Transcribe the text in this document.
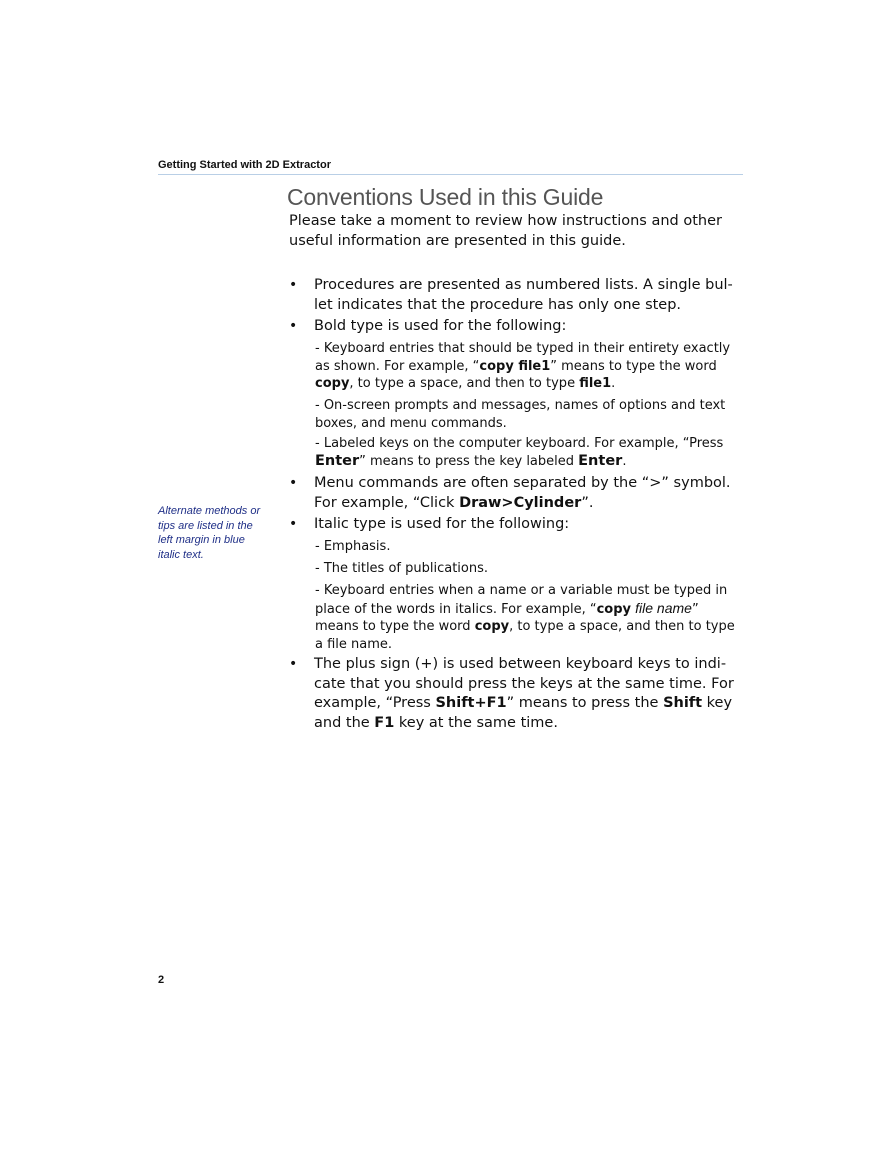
Getting Started with 2D Extractor
Conventions Used in this Guide

Please take a moment to review how instructions and other useful information are presented in this guide.

Alternate methods or tips are listed in the left margin in blue italic text.

• Procedures are presented as numbered lists. A single bul-let indicates that the procedure has only one step.

• Bold type is used for the following:

- Keyboard entries that should be typed in their entirety exactly as shown. For example, “copy file1” means to type the word copy, to type a space, and then to type file1.

- On-screen prompts and messages, names of options and text boxes, and menu commands.

- Labeled keys on the computer keyboard. For example, “Press Enter” means to press the key labeled Enter.

• Menu commands are often separated by the “>” symbol. For example, “Click Draw>Cylinder”.

• Italic type is used for the following:

- Emphasis.

- The titles of publications.

- Keyboard entries when a name or a variable must be typed in place of the words in italics. For example, “copy file name” means to type the word copy, to type a space, and then to type a file name.

• The plus sign (+) is used between keyboard keys to indi-cate that you should press the keys at the same time. For example, “Press Shift+F1” means to press the Shift key and the F1 key at the same time.

2
